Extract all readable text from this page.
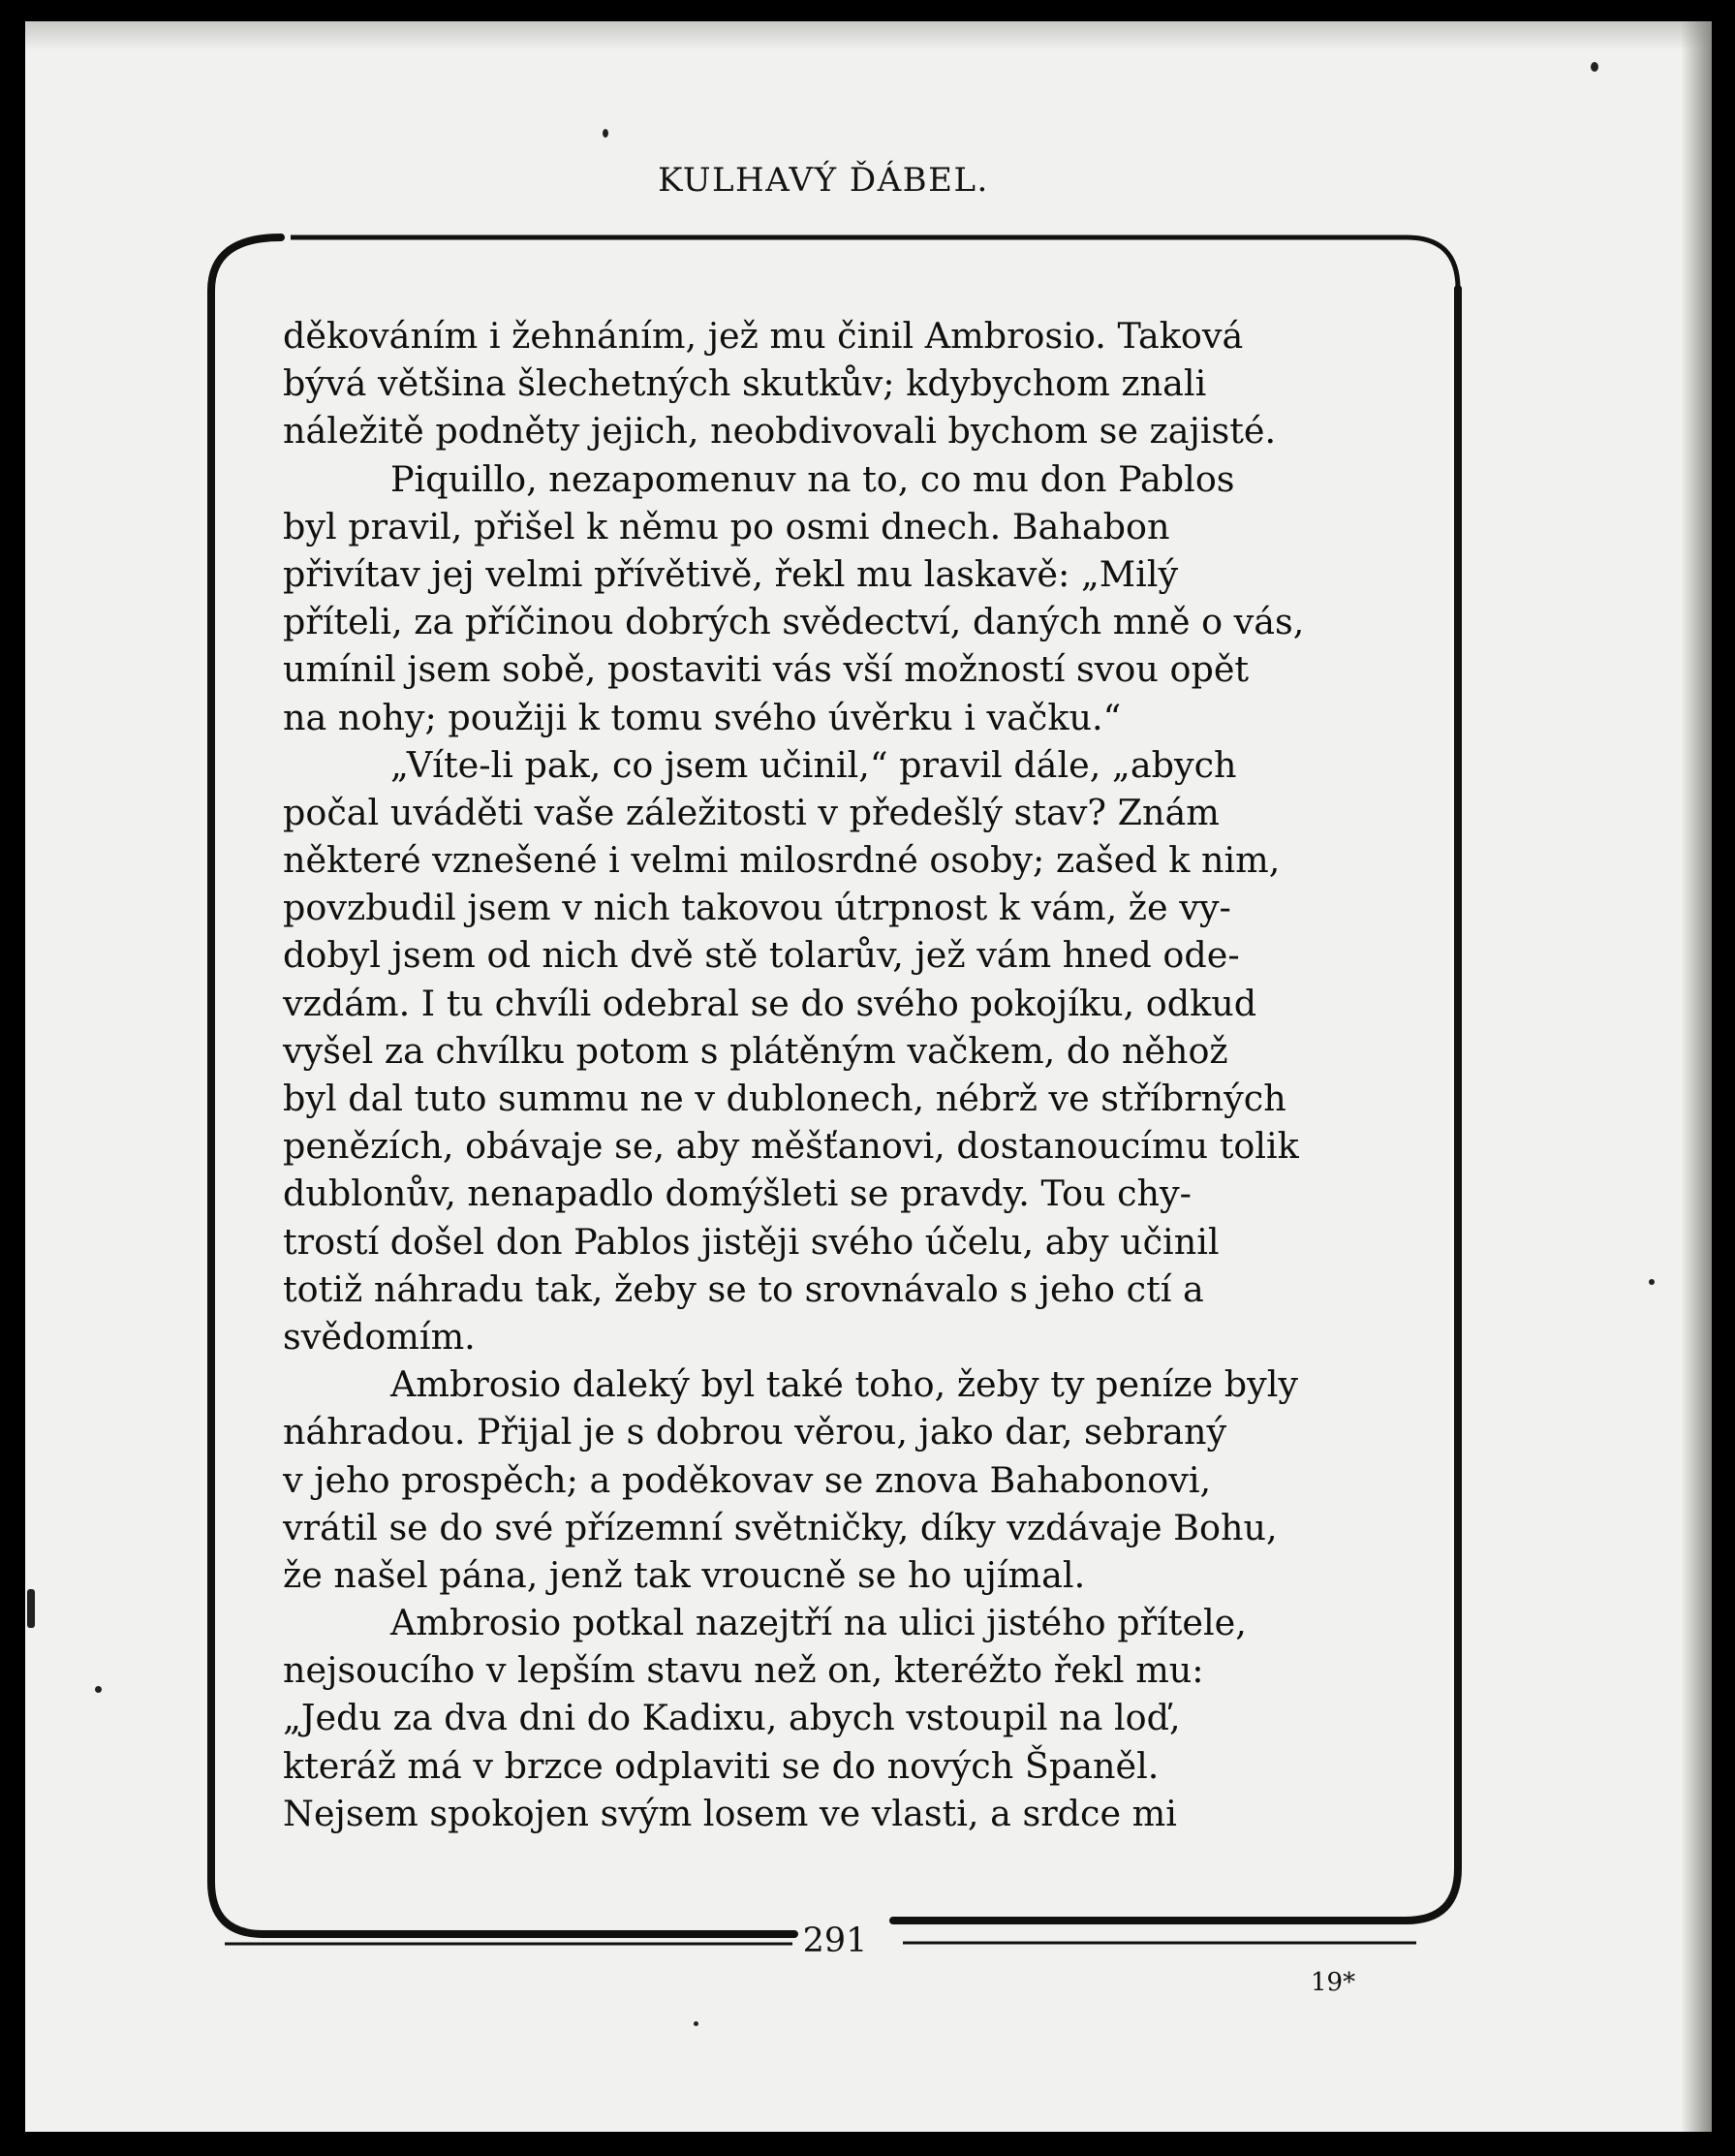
KULHAVÝ ĎÁBEL.
děkováním i žehnáním, jež mu činil Ambrosio. Taková
bývá většina šlechetných skutkův; kdybychom znali
náležitě podněty jejich, neobdivovali bychom se zajisté.
Piquillo, nezapomenuv na to, co mu don Pablos
byl pravil, přišel k němu po osmi dnech. Bahabon
přivítav jej velmi přívětivě, řekl mu laskavě: „Milý
příteli, za příčinou dobrých svědectví, daných mně o vás,
umínil jsem sobě, postaviti vás vší možností svou opět
na nohy; použiji k tomu svého úvěrku i vačku.“
„Víte-li pak, co jsem učinil,“ pravil dále, „abych
počal uváděti vaše záležitosti v předešlý stav? Znám
některé vznešené i velmi milosrdné osoby; zašed k nim,
povzbudil jsem v nich takovou útrpnost k vám, že vy-
dobyl jsem od nich dvě stě tolarův, jež vám hned ode-
vzdám. I tu chvíli odebral se do svého pokojíku, odkud
vyšel za chvílku potom s plátěným vačkem, do něhož
byl dal tuto summu ne v dublonech, nébrž ve stříbrných
penězích, obávaje se, aby měšťanovi, dostanoucímu tolik
dublonův, nenapadlo domýšleti se pravdy. Tou chy-
trostí došel don Pablos jistěji svého účelu, aby učinil
totiž náhradu tak, žeby se to srovnávalo s jeho ctí a
svědomím.
Ambrosio daleký byl také toho, žeby ty peníze byly
náhradou. Přijal je s dobrou věrou, jako dar, sebraný
v jeho prospěch; a poděkovav se znova Bahabonovi,
vrátil se do své přízemní světničky, díky vzdávaje Bohu,
že našel pána, jenž tak vroucně se ho ujímal.
Ambrosio potkal nazejtří na ulici jistého přítele,
nejsoucího v lepším stavu než on, kteréžto řekl mu:
„Jedu za dva dni do Kadixu, abych vstoupil na loď,
kteráž má v brzce odplaviti se do nových Španěl.
Nejsem spokojen svým losem ve vlasti, a srdce mi
291
19*
